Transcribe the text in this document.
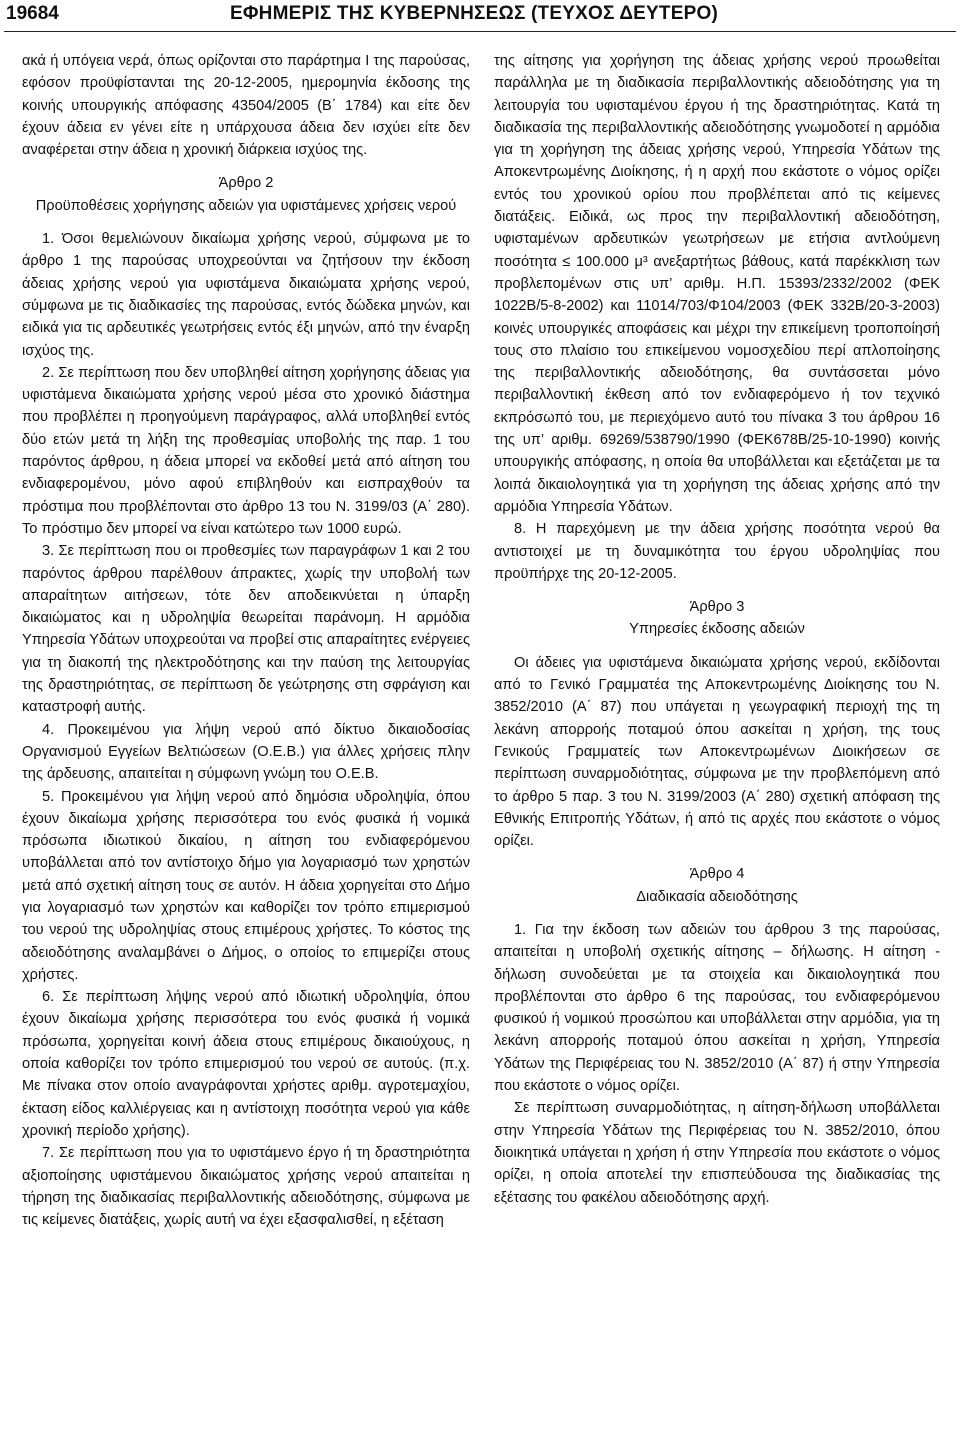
19684	ΕΦΗΜΕΡΙΣ ΤΗΣ ΚΥΒΕΡΝΗΣΕΩΣ (ΤΕΥΧΟΣ ΔΕΥΤΕΡΟ)

ακά ή υπόγεια νερά, όπως ορίζονται στο παράρτημα Ι της παρούσας, εφόσον προϋφίστανται της 20-12-2005, ημερομηνία έκδοσης της κοινής υπουργικής απόφασης 43504/2005 (Β΄ 1784) και είτε δεν έχουν άδεια εν γένει είτε η υπάρχουσα άδεια δεν ισχύει είτε δεν αναφέρεται στην άδεια η χρονική διάρκεια ισχύος της.

Άρθρο 2
Προϋποθέσεις χορήγησης αδειών για υφιστάμενες χρήσεις νερού

1. Όσοι θεμελιώνουν δικαίωμα χρήσης νερού, σύμφωνα με το άρθρο 1 της παρούσας υποχρεούνται να ζητήσουν την έκδοση άδειας χρήσης νερού για υφιστάμενα δικαιώματα χρήσης νερού, σύμφωνα με τις διαδικασίες της παρούσας, εντός δώδεκα μηνών, και ειδικά για τις αρδευτικές γεωτρήσεις εντός έξι μηνών, από την έναρξη ισχύος της.

2. Σε περίπτωση που δεν υποβληθεί αίτηση χορήγησης άδειας για υφιστάμενα δικαιώματα χρήσης νερού μέσα στο χρονικό διάστημα που προβλέπει η προηγούμενη παράγραφος, αλλά υποβληθεί εντός δύο ετών μετά τη λήξη της προθεσμίας υποβολής της παρ. 1 του παρόντος άρθρου, η άδεια μπορεί να εκδοθεί μετά από αίτηση του ενδιαφερομένου, μόνο αφού επιβληθούν και εισπραχθούν τα πρόστιμα που προβλέπονται στο άρθρο 13 του Ν. 3199/03 (Α΄ 280). Το πρόστιμο δεν μπορεί να είναι κατώτερο των 1000 ευρώ.

3. Σε περίπτωση που οι προθεσμίες των παραγράφων 1 και 2 του παρόντος άρθρου παρέλθουν άπρακτες, χωρίς την υποβολή των απαραίτητων αιτήσεων, τότε δεν αποδεικνύεται η ύπαρξη δικαιώματος και η υδροληψία θεωρείται παράνομη. Η αρμόδια Υπηρεσία Υδάτων υποχρεούται να προβεί στις απαραίτητες ενέργειες για τη διακοπή της ηλεκτροδότησης και την παύση της λειτουργίας της δραστηριότητας, σε περίπτωση δε γεώτρησης στη σφράγιση και καταστροφή αυτής.

4. Προκειμένου για λήψη νερού από δίκτυο δικαιοδοσίας Οργανισμού Εγγείων Βελτιώσεων (Ο.Ε.Β.) για άλλες χρήσεις πλην της άρδευσης, απαιτείται η σύμφωνη γνώμη του Ο.Ε.Β.

5. Προκειμένου για λήψη νερού από δημόσια υδροληψία, όπου έχουν δικαίωμα χρήσης περισσότερα του ενός φυσικά ή νομικά πρόσωπα ιδιωτικού δικαίου, η αίτηση του ενδιαφερόμενου υποβάλλεται από τον αντίστοιχο δήμο για λογαριασμό των χρηστών μετά από σχετική αίτηση τους σε αυτόν. Η άδεια χορηγείται στο Δήμο για λογαριασμό των χρηστών και καθορίζει τον τρόπο επιμερισμού του νερού της υδροληψίας στους επιμέρους χρήστες. Το κόστος της αδειοδότησης αναλαμβάνει ο Δήμος, ο οποίος το επιμερίζει στους χρήστες.

6. Σε περίπτωση λήψης νερού από ιδιωτική υδροληψία, όπου έχουν δικαίωμα χρήσης περισσότερα του ενός φυσικά ή νομικά πρόσωπα, χορηγείται κοινή άδεια στους επιμέρους δικαιούχους, η οποία καθορίζει τον τρόπο επιμερισμού του νερού σε αυτούς. (π.χ. Με πίνακα στον οποίο αναγράφονται χρήστες αριθμ. αγροτεμαχίου, έκταση είδος καλλιέργειας και η αντίστοιχη ποσότητα νερού για κάθε χρονική περίοδο χρήσης).

7. Σε περίπτωση που για το υφιστάμενο έργο ή τη δραστηριότητα αξιοποίησης υφιστάμενου δικαιώματος χρήσης νερού απαιτείται η τήρηση της διαδικασίας περιβαλλοντικής αδειοδότησης, σύμφωνα με τις κείμενες διατάξεις, χωρίς αυτή να έχει εξασφαλισθεί, η εξέταση

της αίτησης για χορήγηση της άδειας χρήσης νερού προωθείται παράλληλα με τη διαδικασία περιβαλλοντικής αδειοδότησης για τη λειτουργία του υφισταμένου έργου ή της δραστηριότητας. Κατά τη διαδικασία της περιβαλλοντικής αδειοδότησης γνωμοδοτεί η αρμόδια για τη χορήγηση της άδειας χρήσης νερού, Υπηρεσία Υδάτων της Αποκεντρωμένης Διοίκησης, ή η αρχή που εκάστοτε ο νόμος ορίζει εντός του χρονικού ορίου που προβλέπεται από τις κείμενες διατάξεις. Ειδικά, ως προς την περιβαλλοντική αδειοδότηση, υφισταμένων αρδευτικών γεωτρήσεων με ετήσια αντλούμενη ποσότητα ≤ 100.000 μ³ ανεξαρτήτως βάθους, κατά παρέκκλιση των προβλεπομένων στις υπ’ αριθμ. Η.Π. 15393/2332/2002 (ΦΕΚ 1022Β/5-8-2002) και 11014/703/Φ104/2003 (ΦΕΚ 332Β/20-3-2003) κοινές υπουργικές αποφάσεις και μέχρι την επικείμενη τροποποίησή τους στο πλαίσιο του επικείμενου νομοσχεδίου περί απλοποίησης της περιβαλλοντικής αδειοδότησης, θα συντάσσεται μόνο περιβαλλοντική έκθεση από τον ενδιαφερόμενο ή τον τεχνικό εκπρόσωπό του, με περιεχόμενο αυτό του πίνακα 3 του άρθρου 16 της υπ’ αριθμ. 69269/538790/1990 (ΦΕΚ678Β/25-10-1990) κοινής υπουργικής απόφασης, η οποία θα υποβάλλεται και εξετάζεται με τα λοιπά δικαιολογητικά για τη χορήγηση της άδειας χρήσης από την αρμόδια Υπηρεσία Υδάτων.

8. Η παρεχόμενη με την άδεια χρήσης ποσότητα νερού θα αντιστοιχεί με τη δυναμικότητα του έργου υδροληψίας που προϋπήρχε της 20-12-2005.

Άρθρο 3
Υπηρεσίες έκδοσης αδειών

Οι άδειες για υφιστάμενα δικαιώματα χρήσης νερού, εκδίδονται από το Γενικό Γραμματέα της Αποκεντρωμένης Διοίκησης του Ν. 3852/2010 (Α΄ 87) που υπάγεται η γεωγραφική περιοχή της τη λεκάνη απορροής ποταμού όπου ασκείται η χρήση, της τους Γενικούς Γραμματείς των Αποκεντρωμένων Διοικήσεων σε περίπτωση συναρμοδιότητας, σύμφωνα με την προβλεπόμενη από το άρθρο 5 παρ. 3 του Ν. 3199/2003 (Α΄ 280) σχετική απόφαση της Εθνικής Επιτροπής Υδάτων, ή από τις αρχές που εκάστοτε ο νόμος ορίζει.

Άρθρο 4
Διαδικασία αδειοδότησης

1. Για την έκδοση των αδειών του άρθρου 3 της παρούσας, απαιτείται η υποβολή σχετικής αίτησης – δήλωσης. Η αίτηση - δήλωση συνοδεύεται με τα στοιχεία και δικαιολογητικά που προβλέπονται στο άρθρο 6 της παρούσας, του ενδιαφερόμενου φυσικού ή νομικού προσώπου και υποβάλλεται στην αρμόδια, για τη λεκάνη απορροής ποταμού όπου ασκείται η χρήση, Υπηρεσία Υδάτων της Περιφέρειας του Ν. 3852/2010 (Α΄ 87) ή στην Υπηρεσία που εκάστοτε ο νόμος ορίζει.

Σε περίπτωση συναρμοδιότητας, η αίτηση-δήλωση υποβάλλεται στην Υπηρεσία Υδάτων της Περιφέρειας του Ν. 3852/2010, όπου διοικητικά υπάγεται η χρήση ή στην Υπηρεσία που εκάστοτε ο νόμος ορίζει, η οποία αποτελεί την επισπεύδουσα της διαδικασίας της εξέτασης του φακέλου αδειοδότησης αρχή.
